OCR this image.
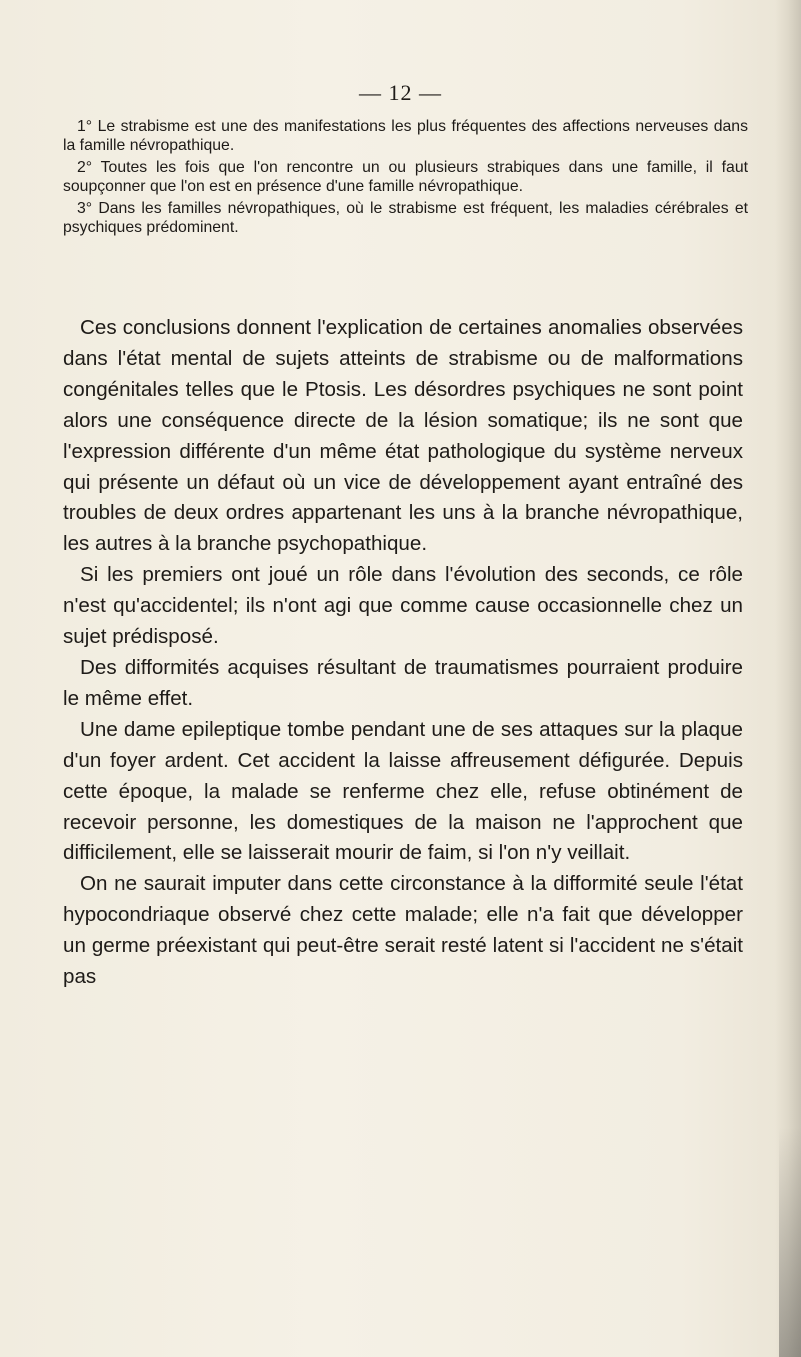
— 12 —

1° Le strabisme est une des manifestations les plus fréquentes des affections nerveuses dans la famille névropathique.

2° Toutes les fois que l'on rencontre un ou plusieurs strabiques dans une famille, il faut soupçonner que l'on est en présence d'une famille névropathique.

3° Dans les familles névropathiques, où le strabisme est fréquent, les maladies cérébrales et psychiques prédominent.

Ces conclusions donnent l'explication de certaines anomalies observées dans l'état mental de sujets atteints de strabisme ou de malformations congénitales telles que le Ptosis. Les désordres psychiques ne sont point alors une conséquence directe de la lésion somatique; ils ne sont que l'expression différente d'un même état pathologique du système nerveux qui présente un défaut où un vice de développement ayant entraîné des troubles de deux ordres appartenant les uns à la branche névropathique, les autres à la branche psychopathique.

Si les premiers ont joué un rôle dans l'évolution des seconds, ce rôle n'est qu'accidentel; ils n'ont agi que comme cause occasionnelle chez un sujet prédisposé.

Des difformités acquises résultant de traumatismes pourraient produire le même effet.

Une dame epileptique tombe pendant une de ses attaques sur la plaque d'un foyer ardent. Cet accident la laisse affreusement défigurée. Depuis cette époque, la malade se renferme chez elle, refuse obtinément de recevoir personne, les domestiques de la maison ne l'approchent que difficilement, elle se laisserait mourir de faim, si l'on n'y veillait.

On ne saurait imputer dans cette circonstance à la difformité seule l'état hypocondriaque observé chez cette malade; elle n'a fait que développer un germe préexistant qui peut-être serait resté latent si l'accident ne s'était pas
